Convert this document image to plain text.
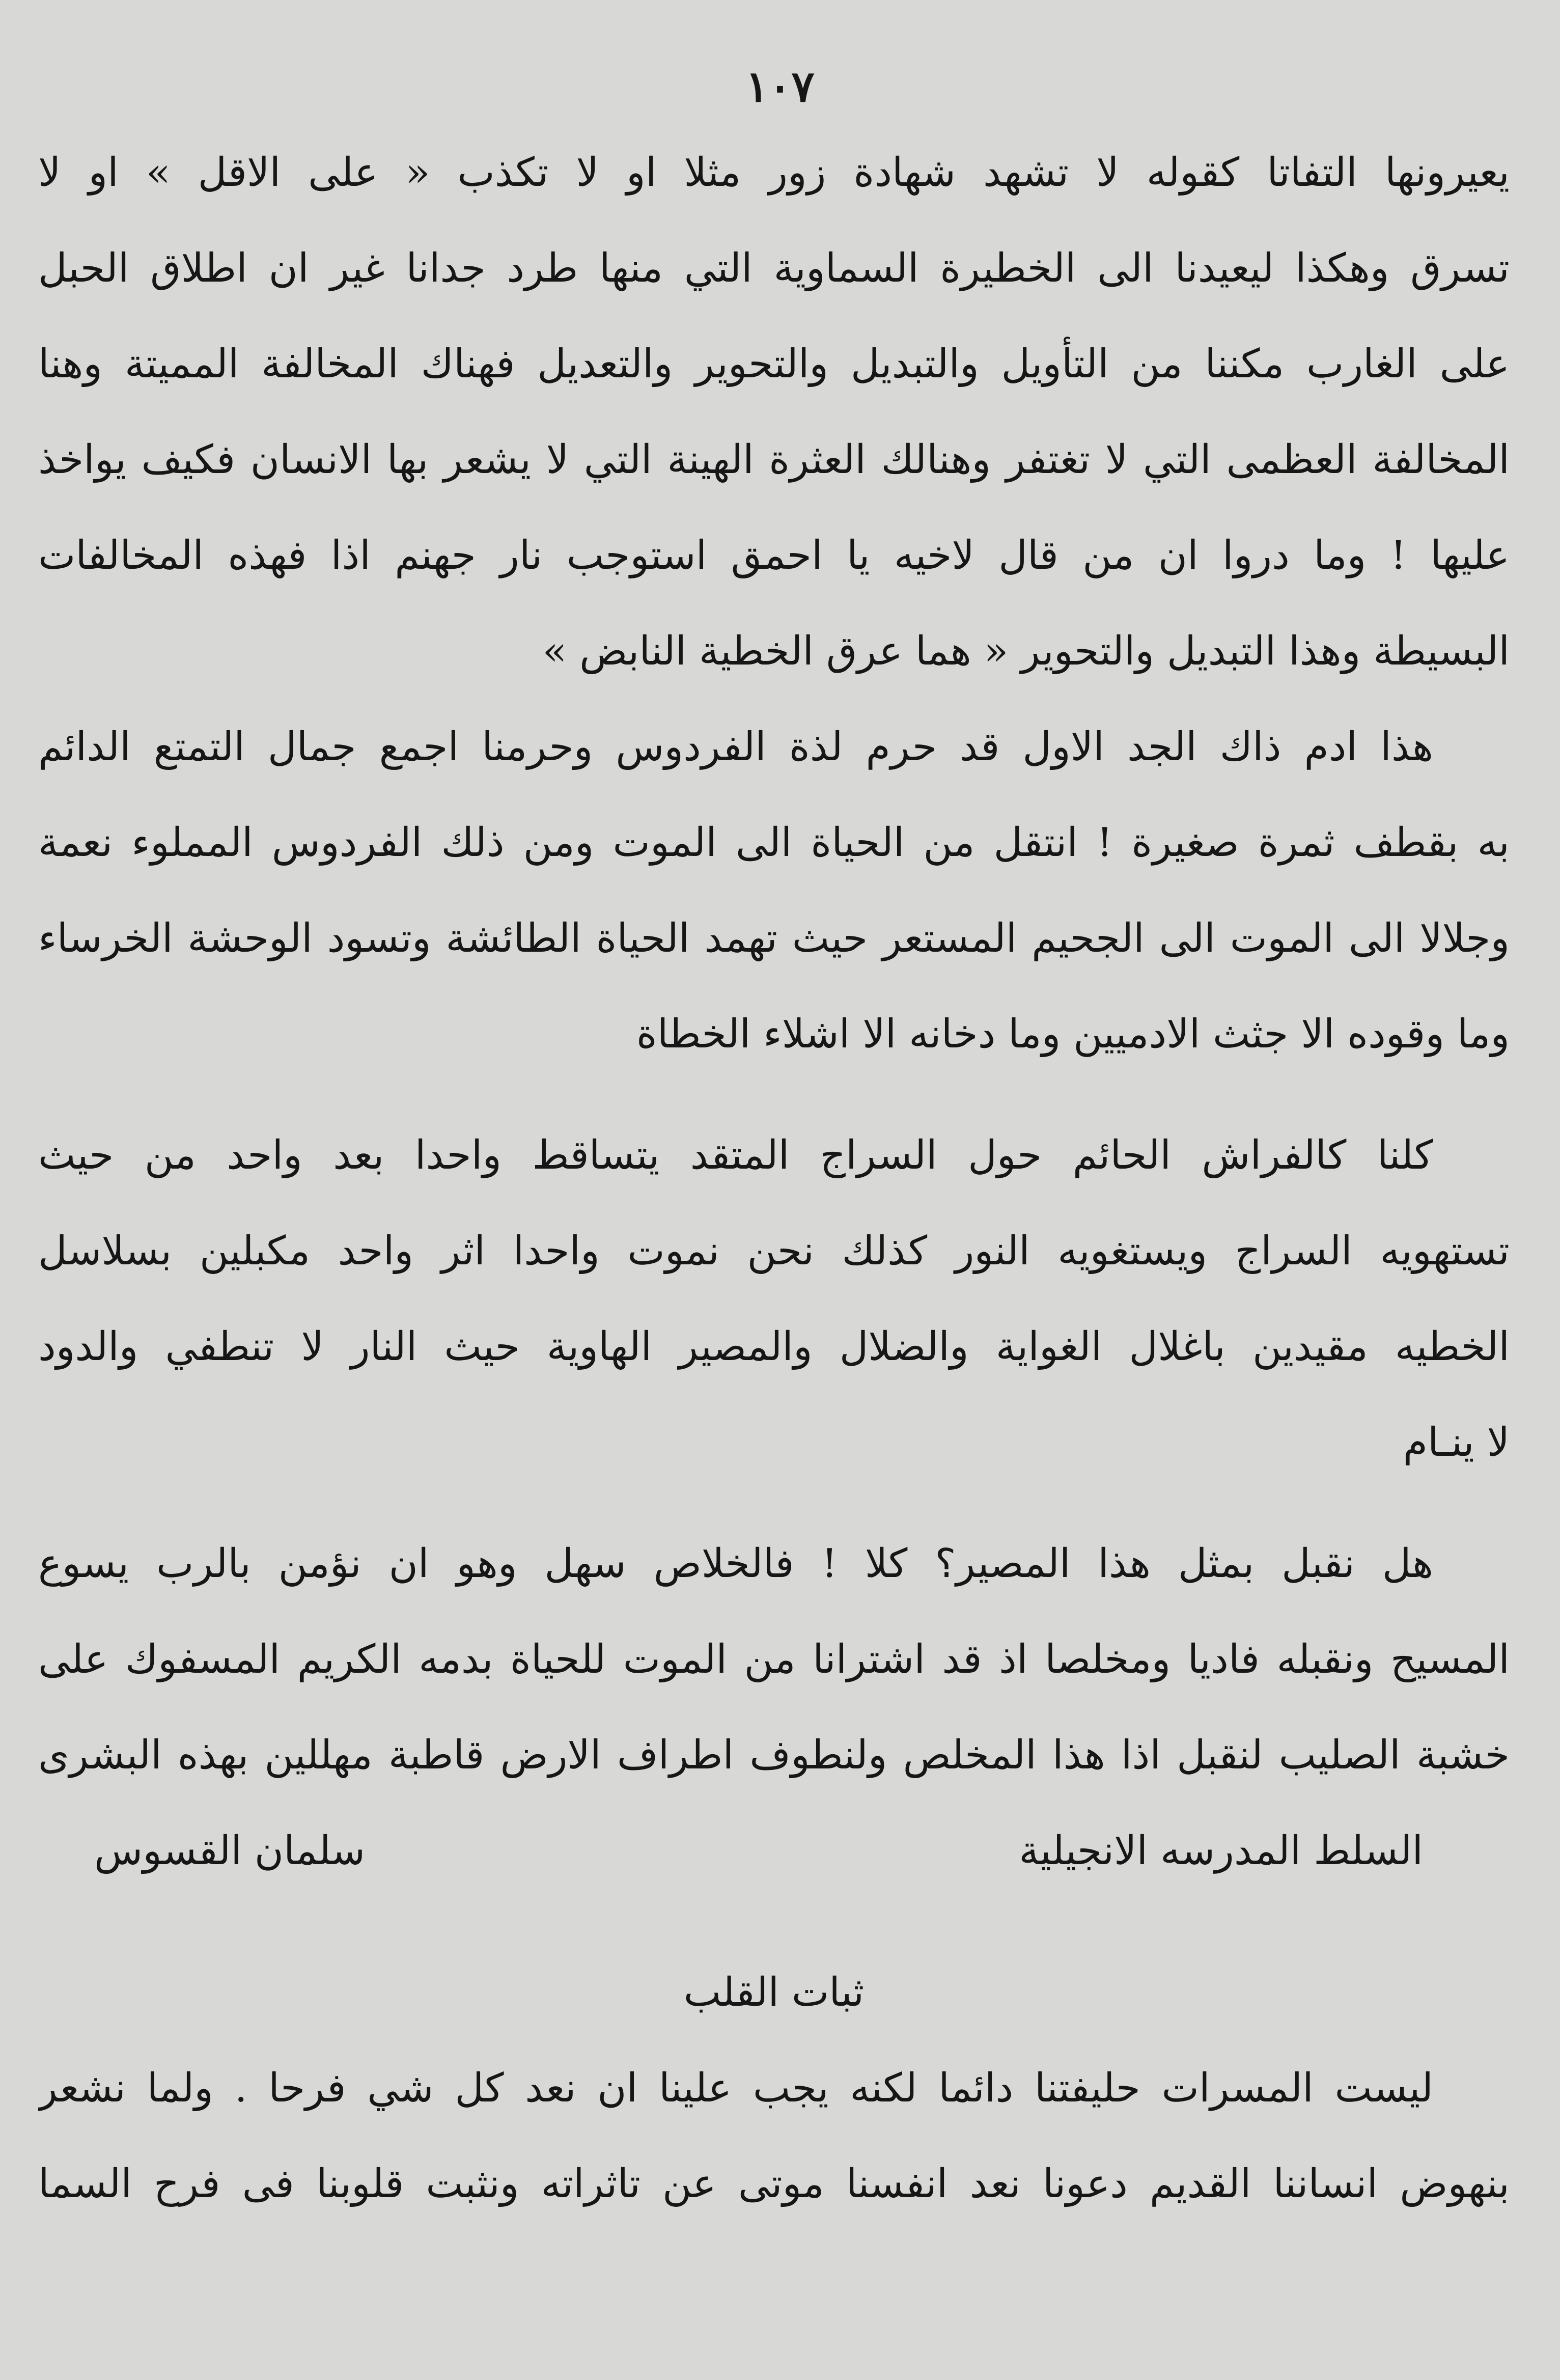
١٠٧
يعيرونها التفاتا كقوله لا تشهد شهادة زور مثلا او لا تكذب « على الاقل » او لا
تسرق وهكذا ليعيدنا الى الخطيرة السماوية التي منها طرد جدانا غير ان اطلاق الحبل
على الغارب مكننا من التأويل والتبديل والتحوير والتعديل فهناك المخالفة المميتة وهنا
المخالفة العظمى التي لا تغتفر وهنالك العثرة الهينة التي لا يشعر بها الانسان فكيف يواخذ
عليها ! وما دروا ان من قال لاخيه يا احمق استوجب نار جهنم اذا فهذه المخالفات
البسيطة وهذا التبديل والتحوير « هما عرق الخطية النابض »
هذا ادم ذاك الجد الاول قد حرم لذة الفردوس وحرمنا اجمع جمال التمتع الدائم
به بقطف ثمرة صغيرة ! انتقل من الحياة الى الموت ومن ذلك الفردوس المملوء نعمة
وجلالا الى الموت الى الجحيم المستعر حيث تهمد الحياة الطائشة وتسود الوحشة الخرساء
وما وقوده الا جثث الادميين وما دخانه الا اشلاء الخطاة
كلنا كالفراش الحائم حول السراج المتقد يتساقط واحدا بعد واحد من حيث
تستهويه السراج ويستغويه النور كذلك نحن نموت واحدا اثر واحد مكبلين بسلاسل
الخطيه مقيدين باغلال الغواية والضلال والمصير الهاوية حيث النار لا تنطفي والدود
لا ينـام
هل نقبل بمثل هذا المصير؟ كلا ! فالخلاص سهل وهو ان نؤمن بالرب يسوع
المسيح ونقبله فاديا ومخلصا اذ قد اشترانا من الموت للحياة بدمه الكريم المسفوك على
خشبة الصليب لنقبل اذا هذا المخلص ولنطوف اطراف الارض قاطبة مهللين بهذه البشرى
سلمان القسوس	السلط المدرسه الانجيلية
ثبات القلب
ليست المسرات حليفتنا دائما لكنه يجب علينا ان نعد كل شي فرحا . ولما نشعر
بنهوض انساننا القديم دعونا نعد انفسنا موتى عن تاثراته ونثبت قلوبنا فى فرح السما
